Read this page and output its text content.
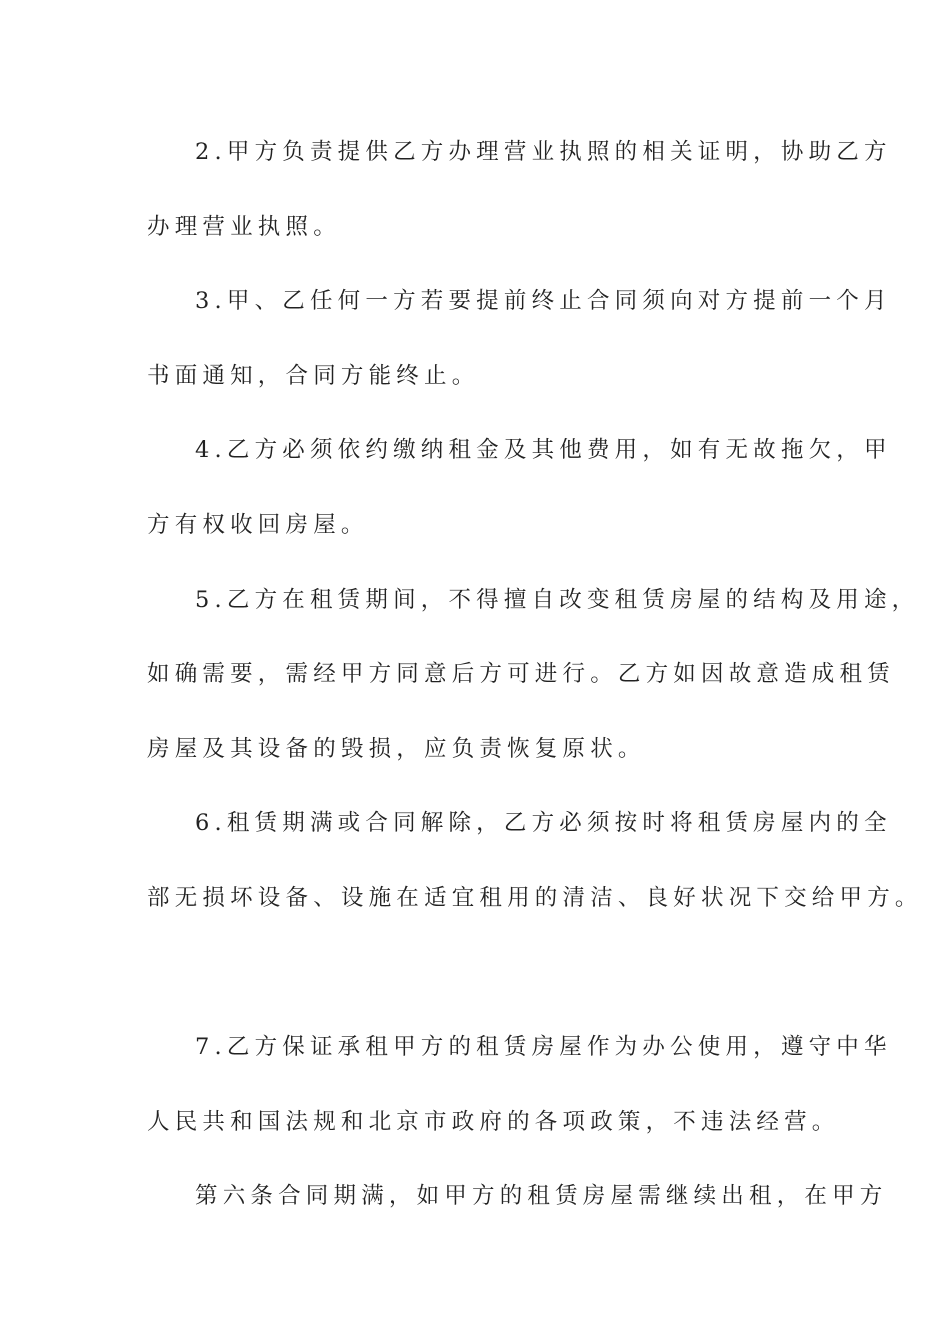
2.甲方负责提供乙方办理营业执照的相关证明，协助乙方
办理营业执照。
3.甲、乙任何一方若要提前终止合同须向对方提前一个月
书面通知，合同方能终止。
4.乙方必须依约缴纳租金及其他费用，如有无故拖欠，甲
方有权收回房屋。
5.乙方在租赁期间，不得擅自改变租赁房屋的结构及用途，
如确需要，需经甲方同意后方可进行。乙方如因故意造成租赁
房屋及其设备的毁损，应负责恢复原状。
6.租赁期满或合同解除，乙方必须按时将租赁房屋内的全
部无损坏设备、设施在适宜租用的清洁、良好状况下交给甲方。
7.乙方保证承租甲方的租赁房屋作为办公使用，遵守中华
人民共和国法规和北京市政府的各项政策，不违法经营。
第六条合同期满，如甲方的租赁房屋需继续出租，在甲方
